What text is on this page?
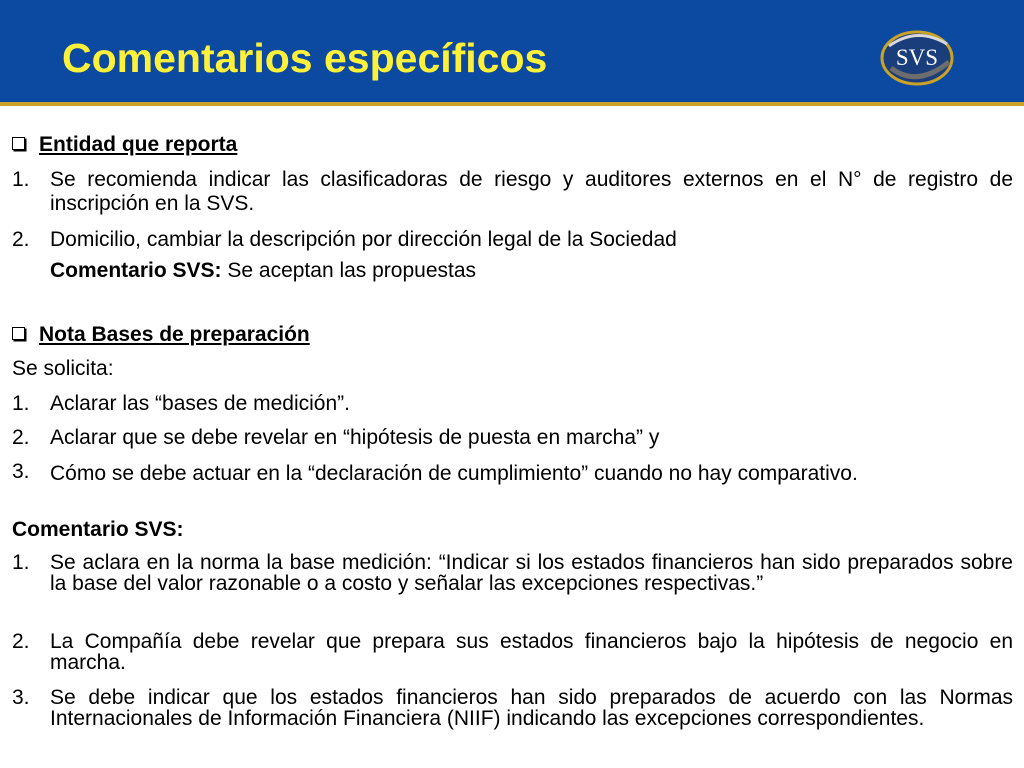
Comentarios específicos	SVS
Entidad que reporta
1. Se recomienda indicar las clasificadoras de riesgo y auditores externos en el N° de registro de inscripción en la SVS.
2. Domicilio, cambiar la descripción por dirección legal de la Sociedad
Comentario SVS: Se aceptan las propuestas
Nota Bases de preparación
Se solicita:
1. Aclarar las “bases de medición”.
2. Aclarar que se debe revelar en “hipótesis de puesta en marcha” y
3. Cómo se debe actuar en la “declaración de cumplimiento” cuando no hay comparativo.
Comentario SVS:
1. Se aclara en la norma la base medición: “Indicar si los estados financieros han sido preparados sobre la base del valor razonable o a costo y señalar las excepciones respectivas.”
2. La Compañía debe revelar que prepara sus estados financieros bajo la hipótesis de negocio en marcha.
3. Se debe indicar que los estados financieros han sido preparados de acuerdo con las Normas Internacionales de Información Financiera (NIIF) indicando las excepciones correspondientes.
